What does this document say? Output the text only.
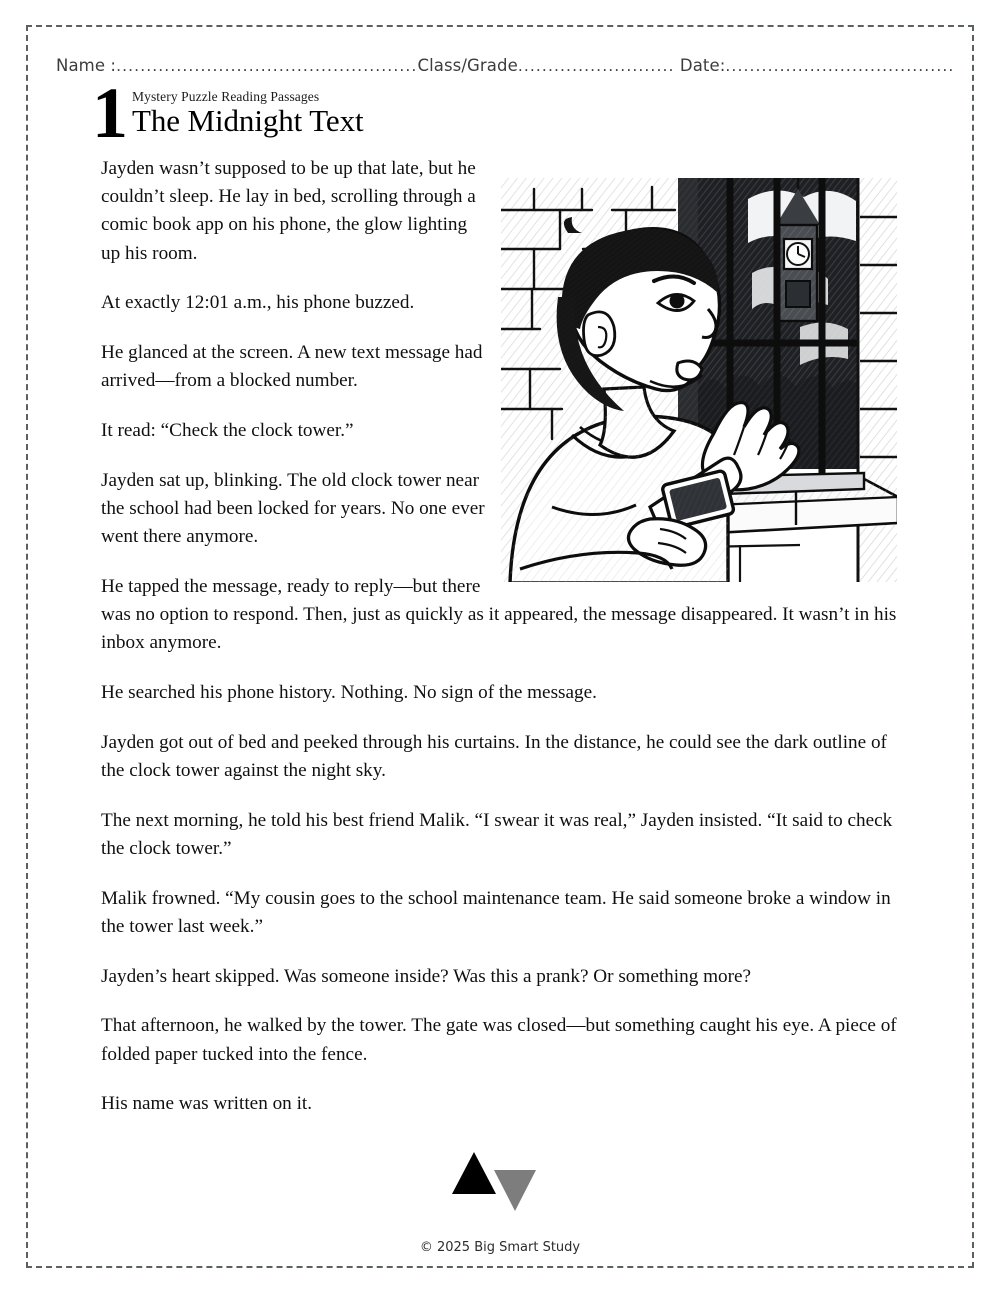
Name :..................................................Class/Grade.......................... Date:......................................
1 Mystery Puzzle Reading Passages
The Midnight Text

Jayden wasn’t supposed to be up that late, but he couldn’t sleep. He lay in bed, scrolling through a comic book app on his phone, the glow lighting up his room.

At exactly 12:01 a.m., his phone buzzed.

He glanced at the screen. A new text message had arrived—from a blocked number.

It read: “Check the clock tower.”

Jayden sat up, blinking. The old clock tower near the school had been locked for years. No one ever went there anymore.

He tapped the message, ready to reply—but there was no option to respond. Then, just as quickly as it appeared, the message disappeared. It wasn’t in his inbox anymore.

He searched his phone history. Nothing. No sign of the message.

Jayden got out of bed and peeked through his curtains. In the distance, he could see the dark outline of the clock tower against the night sky.

The next morning, he told his best friend Malik. “I swear it was real,” Jayden insisted. “It said to check the clock tower.”

Malik frowned. “My cousin goes to the school maintenance team. He said someone broke a window in the tower last week.”

Jayden’s heart skipped. Was someone inside? Was this a prank? Or something more?

That afternoon, he walked by the tower. The gate was closed—but something caught his eye. A piece of folded paper tucked into the fence.

His name was written on it.

© 2025 Big Smart Study
